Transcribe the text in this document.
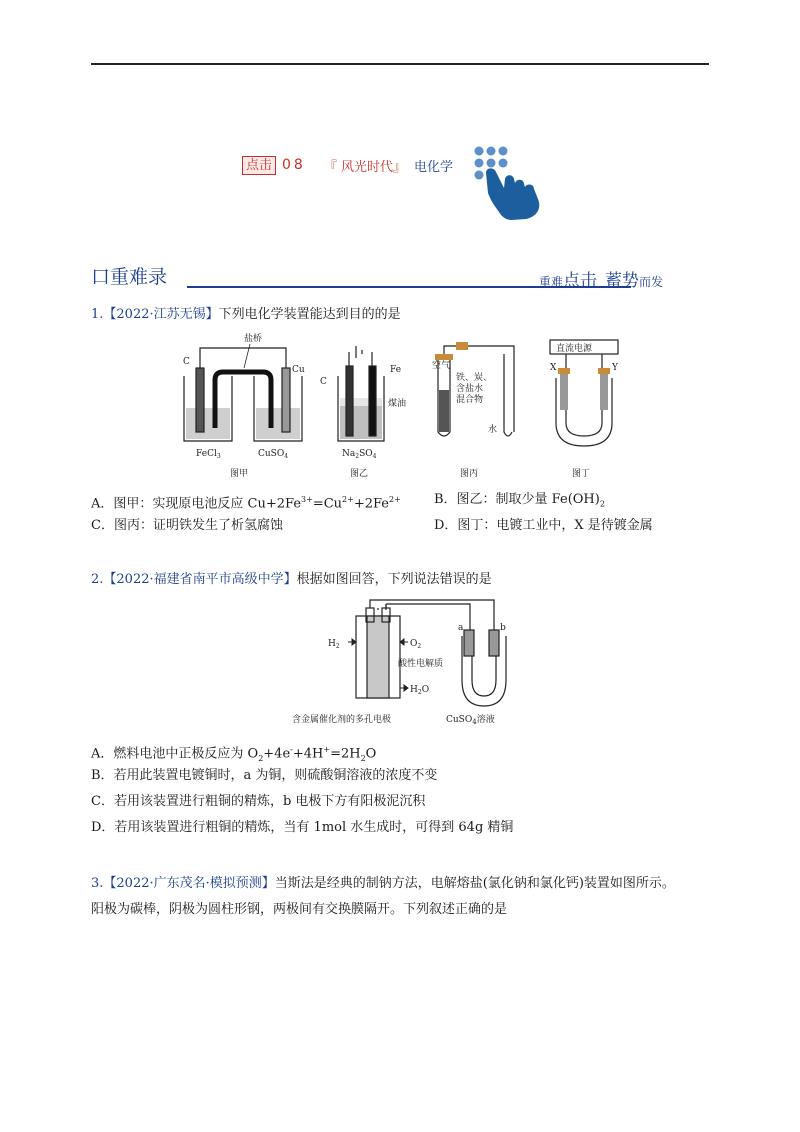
点击 08 『 风光时代』 电化学
口重难录	重难点击 蓄势而发
1.【2022·江苏无锡】下列电化学装置能达到目的的是
盐桥
C
Cu
FeCl$_3$	CuSO$_4$
图甲
C
Fe
煤油
$Na_2SO_4$
图乙
空气
铁、炭、
含盐水
混合物
水
图丙
直流电源
X	Y
图丁
A．图甲：实现原电池反应 $Cu+2Fe^{3+}=Cu^{2+}+2Fe^{2+}$	B．图乙：制取少量 $Fe(OH)_2$
C．图丙：证明铁发生了析氢腐蚀	D．图丁：电镀工业中，X 是待镀金属
2.【2022·福建省南平市高级中学】根据如图回答，下列说法错误的是
$H_2$	$O_2$
酸性电解质
$H_2O$
a	b
含金属催化剂的多孔电极	CuSO$_4$溶液
A．燃料电池中正极反应为 $O_2+4e^-+4H^+=2H_2O$
B．若用此装置电镀铜时，a 为铜，则硫酸铜溶液的浓度不变
C．若用该装置进行粗铜的精炼，b 电极下方有阳极泥沉积
D．若用该装置进行粗铜的精炼，当有 1mol 水生成时，可得到 64g 精铜
3.【2022·广东茂名·模拟预测】当斯法是经典的制钠方法，电解熔盐(氯化钠和氯化钙)装置如图所示。
阳极为碳棒，阴极为圆柱形钢，两极间有交换膜隔开。下列叙述正确的是
